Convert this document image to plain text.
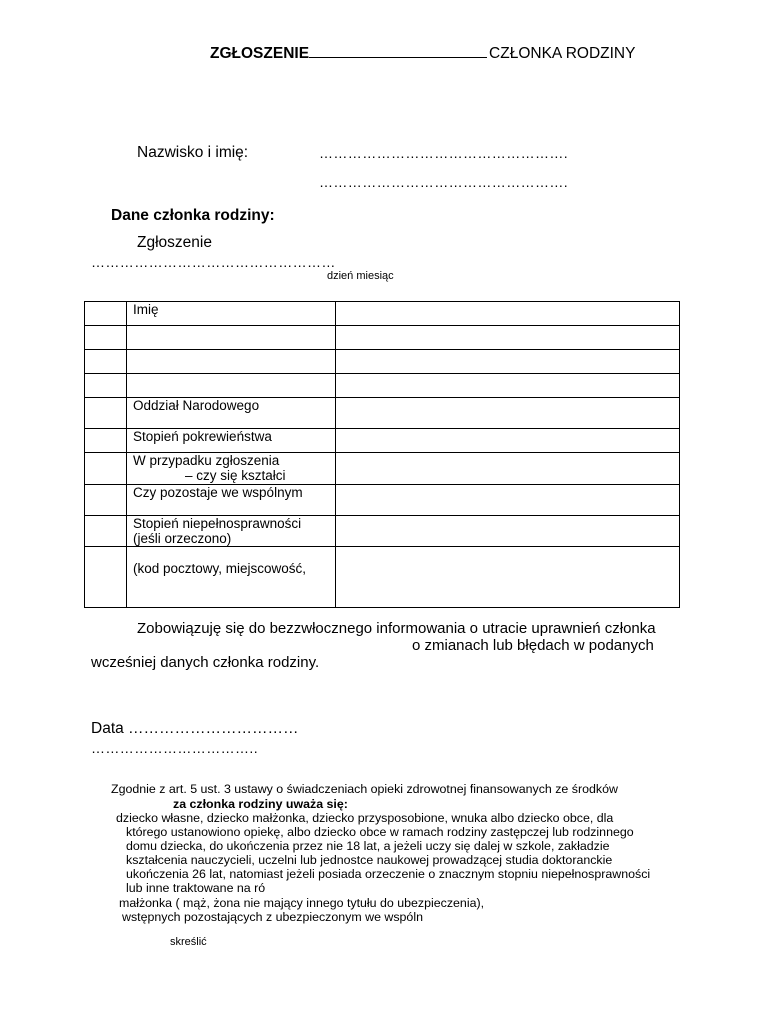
ZGŁOSZENIE	CZŁONKA RODZINY
Nazwisko i imię:	…………………………………………….
…………………………………………….
Dane członka rodziny:
Zgłoszenie
……………………………………………
dzień miesiąc
	Imię	

	Oddział Narodowego	
	Stopień pokrewieństwa	
	W przypadku zgłoszenia
– czy się kształci	

	Czy pozostaje we wspólnym	
	Stopień niepełnosprawności
(jeśli orzeczono)	
	(kod pocztowy, miejscowość,	
Zobowiązuję się do bezzwłocznego informowania o utracie uprawnień członka
o zmianach lub błędach w podanych
wcześniej danych członka rodziny.
Data ……………………………
……………………………..
Zgodnie z art. 5 ust. 3 ustawy o świadczeniach opieki zdrowotnej finansowanych ze środków
za członka rodziny uważa się:
dziecko własne, dziecko małżonka, dziecko przysposobione, wnuka albo dziecko obce, dla
którego ustanowiono opiekę, albo dziecko obce w ramach rodziny zastępczej lub rodzinnego
domu dziecka, do ukończenia przez nie 18 lat, a jeżeli uczy się dalej w szkole, zakładzie
kształcenia nauczycieli, uczelni lub jednostce naukowej prowadzącej studia doktoranckie
ukończenia 26 lat, natomiast jeżeli posiada orzeczenie o znacznym stopniu niepełnosprawności
lub inne traktowane na ró
małżonka ( mąż, żona nie mający innego tytułu do ubezpieczenia),
wstępnych pozostających z ubezpieczonym we wspóln
skreślić
